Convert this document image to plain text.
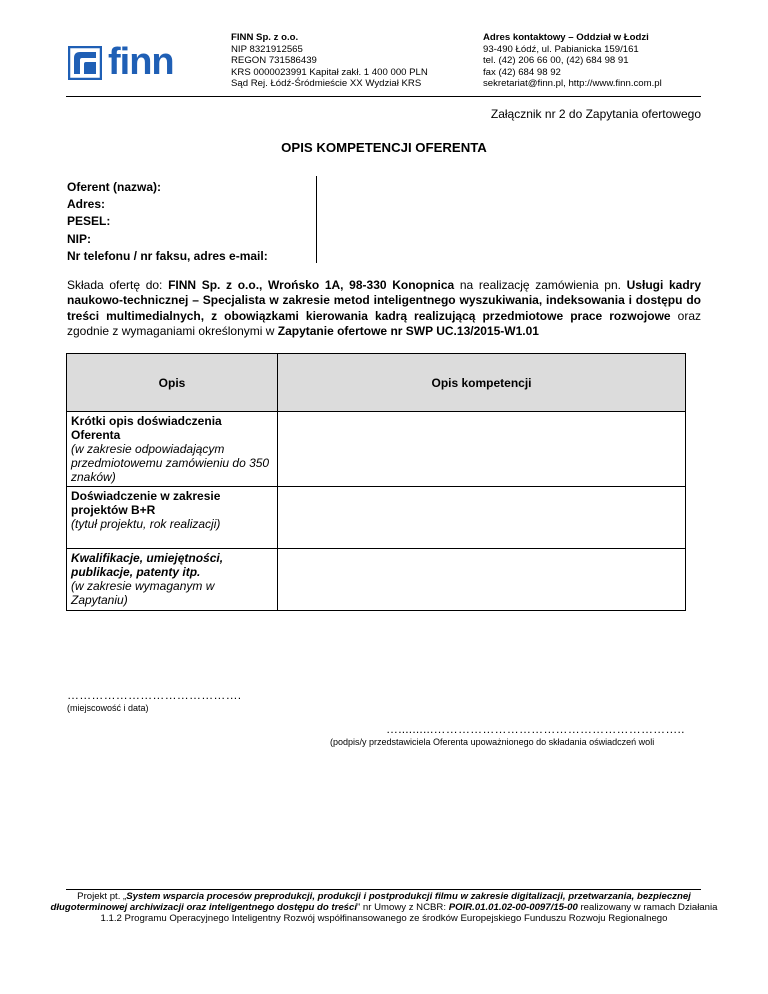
finn
FINN Sp. z o.o.
NIP 8321912565
REGON 731586439
KRS 0000023991 Kapitał zakł. 1 400 000 PLN
Sąd Rej. Łódź-Śródmieście XX Wydział KRS
Adres kontaktowy – Oddział w Łodzi
93-490 Łódź, ul. Pabianicka 159/161
tel. (42) 206 66 00, (42) 684 98 91
fax (42) 684 98 92
sekretariat@finn.pl, http://www.finn.com.pl
Załącznik nr 2 do Zapytania ofertowego
OPIS KOMPETENCJI OFERENTA
Oferent (nazwa):
Adres:
PESEL:
NIP:
Nr telefonu / nr faksu, adres e-mail:
Składa ofertę do: FINN Sp. z o.o., Wrońsko 1A, 98-330 Konopnica na realizację zamówienia pn. Usługi kadry naukowo-technicznej – Specjalista w zakresie metod inteligentnego wyszukiwania, indeksowania i dostępu do treści multimedialnych, z obowiązkami kierowania kadrą realizującą przedmiotowe prace rozwojowe oraz zgodnie z wymaganiami określonymi w Zapytanie ofertowe nr SWP UC.13/2015-W1.01
Opis	Opis kompetencji

Krótki opis doświadczenia Oferenta
(w zakresie odpowiadającym przedmiotowemu zamówieniu do 350 znaków)	

Doświadczenie w zakresie projektów B+R
(tytuł projektu, rok realizacji)	

Kwalifikacje, umiejętności, publikacje, patenty itp.
(w zakresie wymaganym w Zapytaniu)	

…………………………………….
(miejscowość i data)
…..........……………………………………………………..
(podpis/y przedstawiciela Oferenta upoważnionego do składania oświadczeń woli
Projekt pt. „System wsparcia procesów preprodukcji, produkcji i postprodukcji filmu w zakresie digitalizacji, przetwarzania, bezpiecznej długoterminowej archiwizacji oraz inteligentnego dostępu do treści” nr Umowy z NCBR: POIR.01.01.02-00-0097/15-00 realizowany w ramach Działania 1.1.2 Programu Operacyjnego Inteligentny Rozwój współfinansowanego ze środków Europejskiego Funduszu Rozwoju Regionalnego
